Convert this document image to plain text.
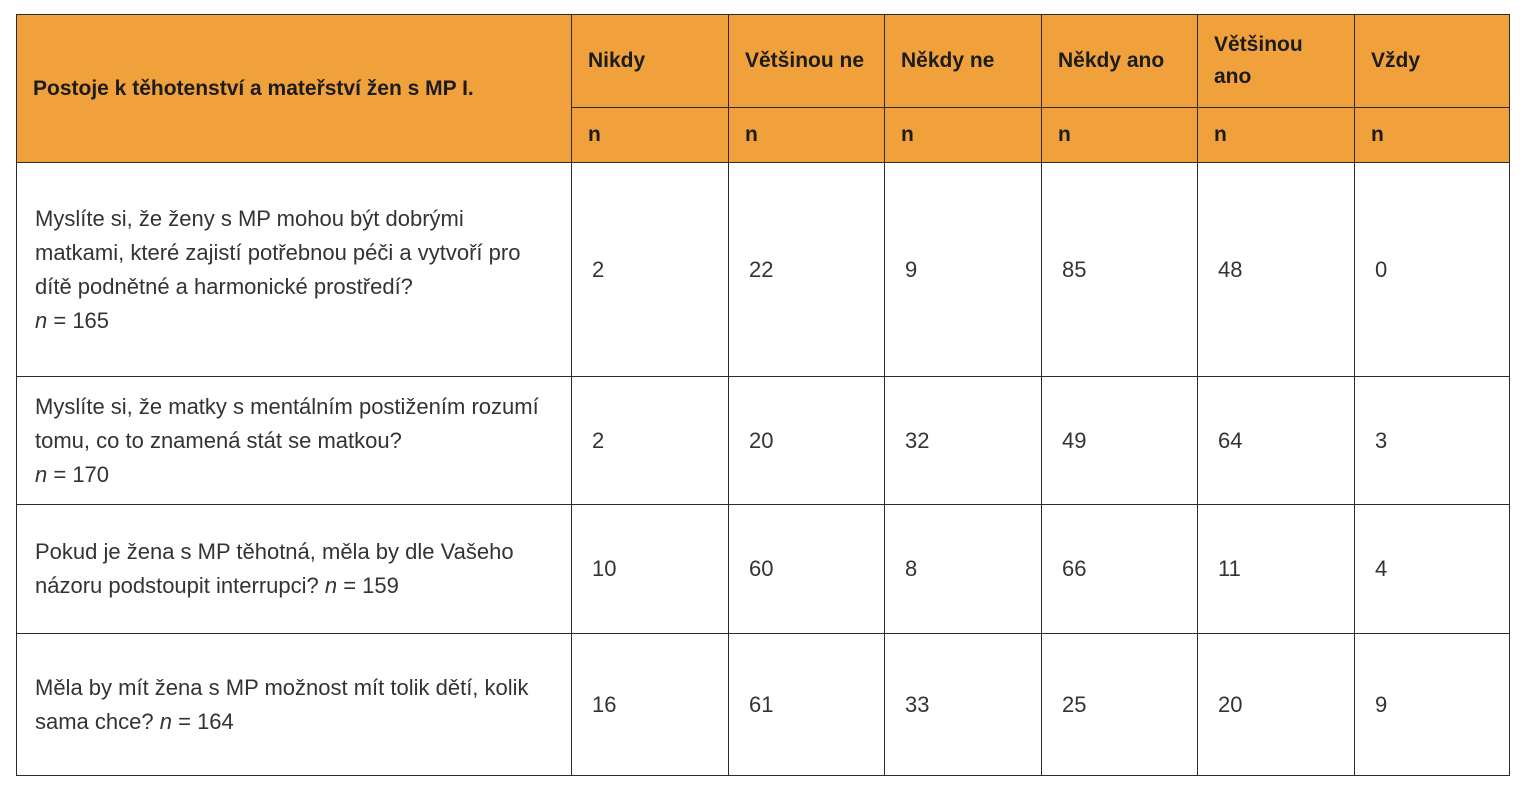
Postoje k těhotenství a mateřství žen s MP I.	Nikdy	Většinou ne	Někdy ne	Někdy ano	Většinou ano	Vždy
	n	n	n	n	n	n
Myslíte si, že ženy s MP mohou být dobrými matkami, které zajistí potřebnou péči a vytvoří pro dítě podnětné a harmonické prostředí?
n = 165	2	22	9	85	48	0
Myslíte si, že matky s mentálním postižením rozumí tomu, co to znamená stát se matkou?
n = 170	2	20	32	49	64	3
Pokud je žena s MP těhotná, měla by dle Vašeho názoru podstoupit interrupci? n = 159	10	60	8	66	11	4
Měla by mít žena s MP možnost mít tolik dětí, kolik sama chce? n = 164	16	61	33	25	20	9
